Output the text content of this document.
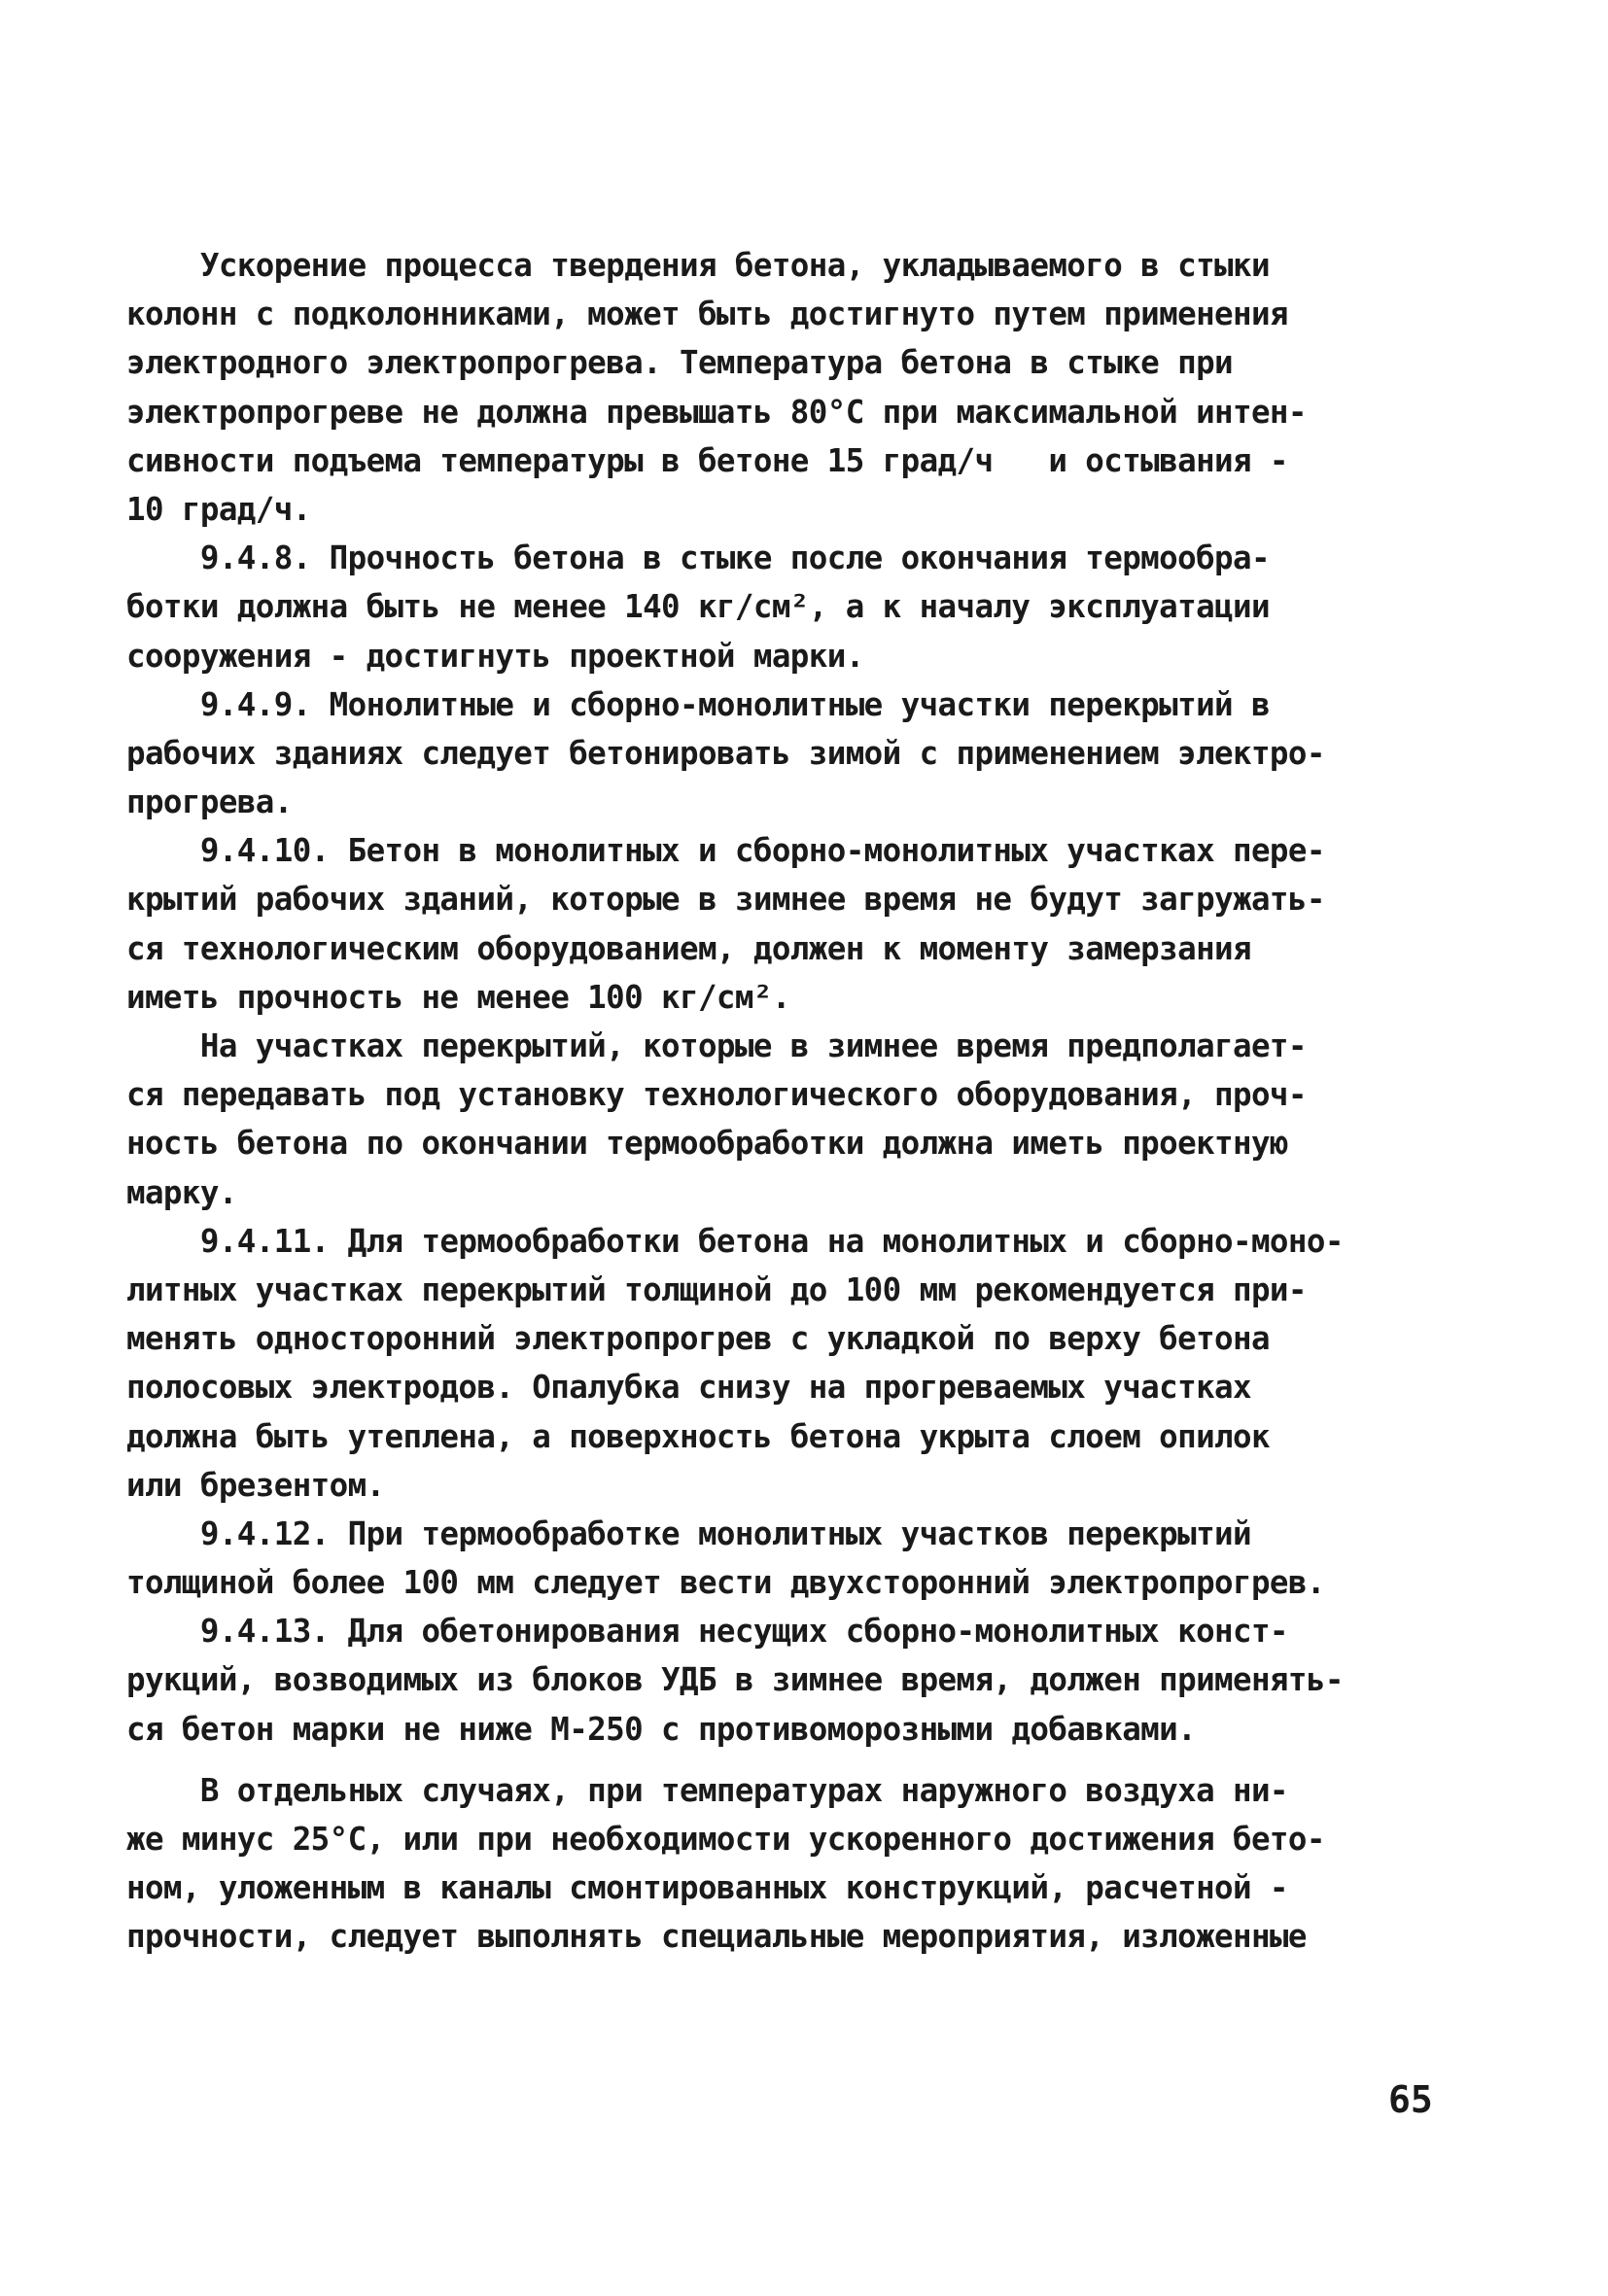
Ускорение процесса твердения бетона, укладываемого в стыки
колонн с подколонниками, может быть достигнуто путем применения
электродного электропрогрева. Температура бетона в стыке при
электропрогреве не должна превышать 80°С при максимальной интен-
сивности подъема температуры в бетоне 15 град/ч   и остывания -
10 град/ч.
9.4.8. Прочность бетона в стыке после окончания термообра-
ботки должна быть не менее 140 кг/см², а к началу эксплуатации
сооружения - достигнуть проектной марки.
9.4.9. Монолитные и сборно-монолитные участки перекрытий в
рабочих зданиях следует бетонировать зимой с применением электро-
прогрева.
9.4.10. Бетон в монолитных и сборно-монолитных участках пере-
крытий рабочих зданий, которые в зимнее время не будут загружать-
ся технологическим оборудованием, должен к моменту замерзания
иметь прочность не менее 100 кг/см².
На участках перекрытий, которые в зимнее время предполагает-
ся передавать под установку технологического оборудования, проч-
ность бетона по окончании термообработки должна иметь проектную
марку.
9.4.11. Для термообработки бетона на монолитных и сборно-моно-
литных участках перекрытий толщиной до 100 мм рекомендуется при-
менять односторонний электропрогрев с укладкой по верху бетона
полосовых электродов. Опалубка снизу на прогреваемых участках
должна быть утеплена, а поверхность бетона укрыта слоем опилок
или брезентом.
9.4.12. При термообработке монолитных участков перекрытий
толщиной более 100 мм следует вести двухсторонний электропрогрев.
9.4.13. Для обетонирования несущих сборно-монолитных конст-
рукций, возводимых из блоков УДБ в зимнее время, должен применять-
ся бетон марки не ниже М-250 с противоморозными добавками.
В отдельных случаях, при температурах наружного воздуха ни-
же минус 25°С, или при необходимости ускоренного достижения бето-
ном, уложенным в каналы смонтированных конструкций, расчетной -
прочности, следует выполнять специальные мероприятия, изложенные
65
